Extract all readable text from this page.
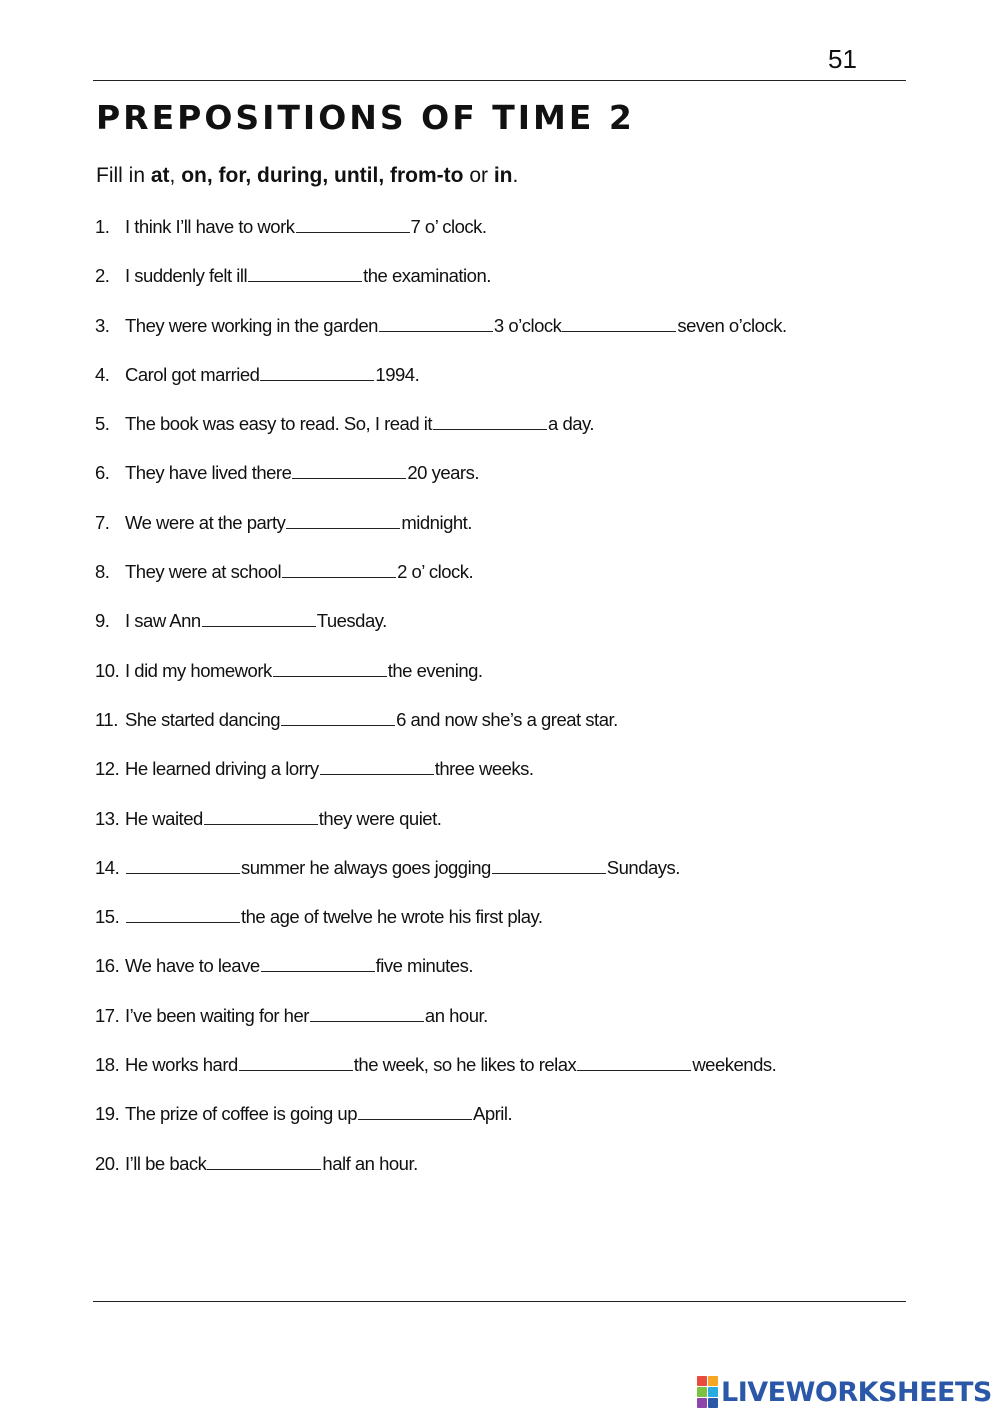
51
PREPOSITIONS OF TIME 2
Fill in at, on, for, during, until, from-to or in.
1. I think I’ll have to work	7 o’ clock.
2. I suddenly felt ill	the examination.
3. They were working in the garden	3 o’clock	seven o’clock.
4. Carol got married	1994.
5. The book was easy to read. So, I read it	a day.
6. They have lived there	20 years.
7. We were at the party	midnight.
8. They were at school	2 o’ clock.
9. I saw Ann	Tuesday.
10. I did my homework	the evening.
11. She started dancing	6 and now she’s a great star.
12. He learned driving a lorry	three weeks.
13. He waited	they were quiet.
14.	summer he always goes jogging	Sundays.
15.	the age of twelve he wrote his first play.
16. We have to leave	five minutes.
17. I’ve been waiting for her	an hour.
18. He works hard	the week, so he likes to relax	weekends.
19. The prize of coffee is going up	April.
20. I’ll be back	half an hour.
LIVEWORKSHEETS
